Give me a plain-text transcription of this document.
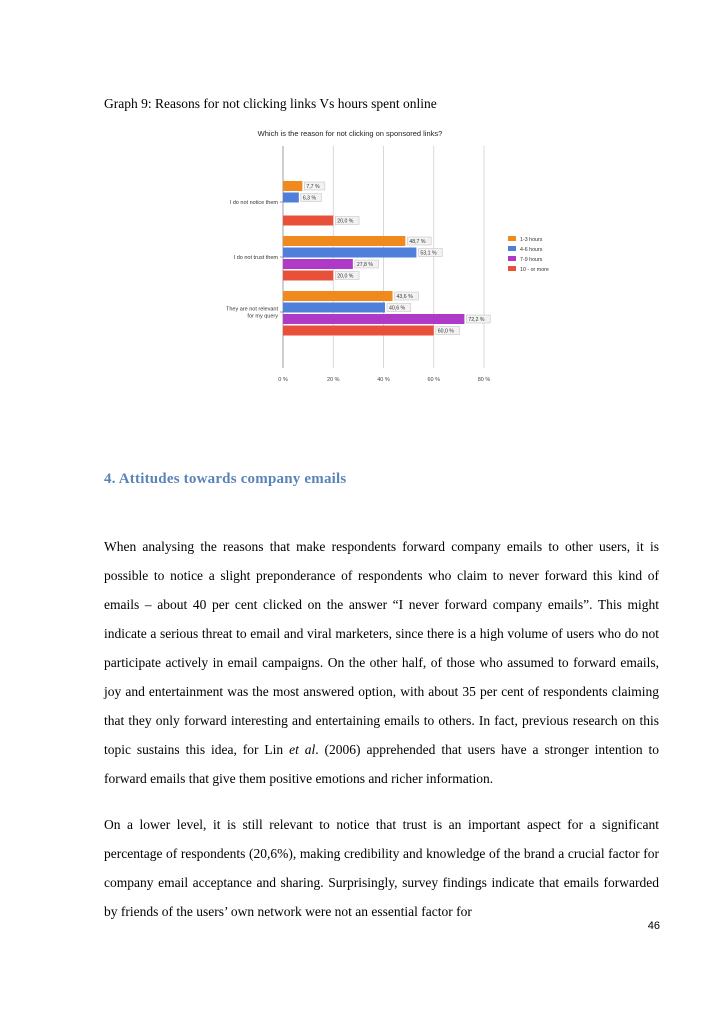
Graph 9: Reasons for not clicking links Vs hours spent online

Which is the reason for not clicking on sponsored links?
0 %	20 %	40 %	60 %	80 %
I do not notice them
7,7 %
6,3 %
20,0 %
I do not trust them
48,7 %
53,1 %
27,8 %
20,0 %
They are not relevant for my query
43,6 %
40,6 %
72,2 %
60,0 %
1-3 hours
4-6 hours
7-9 hours
10 - or more
4. Attitudes towards company emails

When analysing the reasons that make respondents forward company emails to other users, it is possible to notice a slight preponderance of respondents who claim to never forward this kind of emails – about 40 per cent clicked on the answer “I never forward company emails”. This might indicate a serious threat to email and viral marketers, since there is a high volume of users who do not participate actively in email campaigns. On the other half, of those who assumed to forward emails, joy and entertainment was the most answered option, with about 35 per cent of respondents claiming that they only forward interesting and entertaining emails to others. In fact, previous research on this topic sustains this idea, for Lin et al. (2006) apprehended that users have a stronger intention to forward emails that give them positive emotions and richer information.

On a lower level, it is still relevant to notice that trust is an important aspect for a significant percentage of respondents (20,6%), making credibility and knowledge of the brand a crucial factor for company email acceptance and sharing. Surprisingly, survey findings indicate that emails forwarded by friends of the users’ own network were not an essential factor for

46
